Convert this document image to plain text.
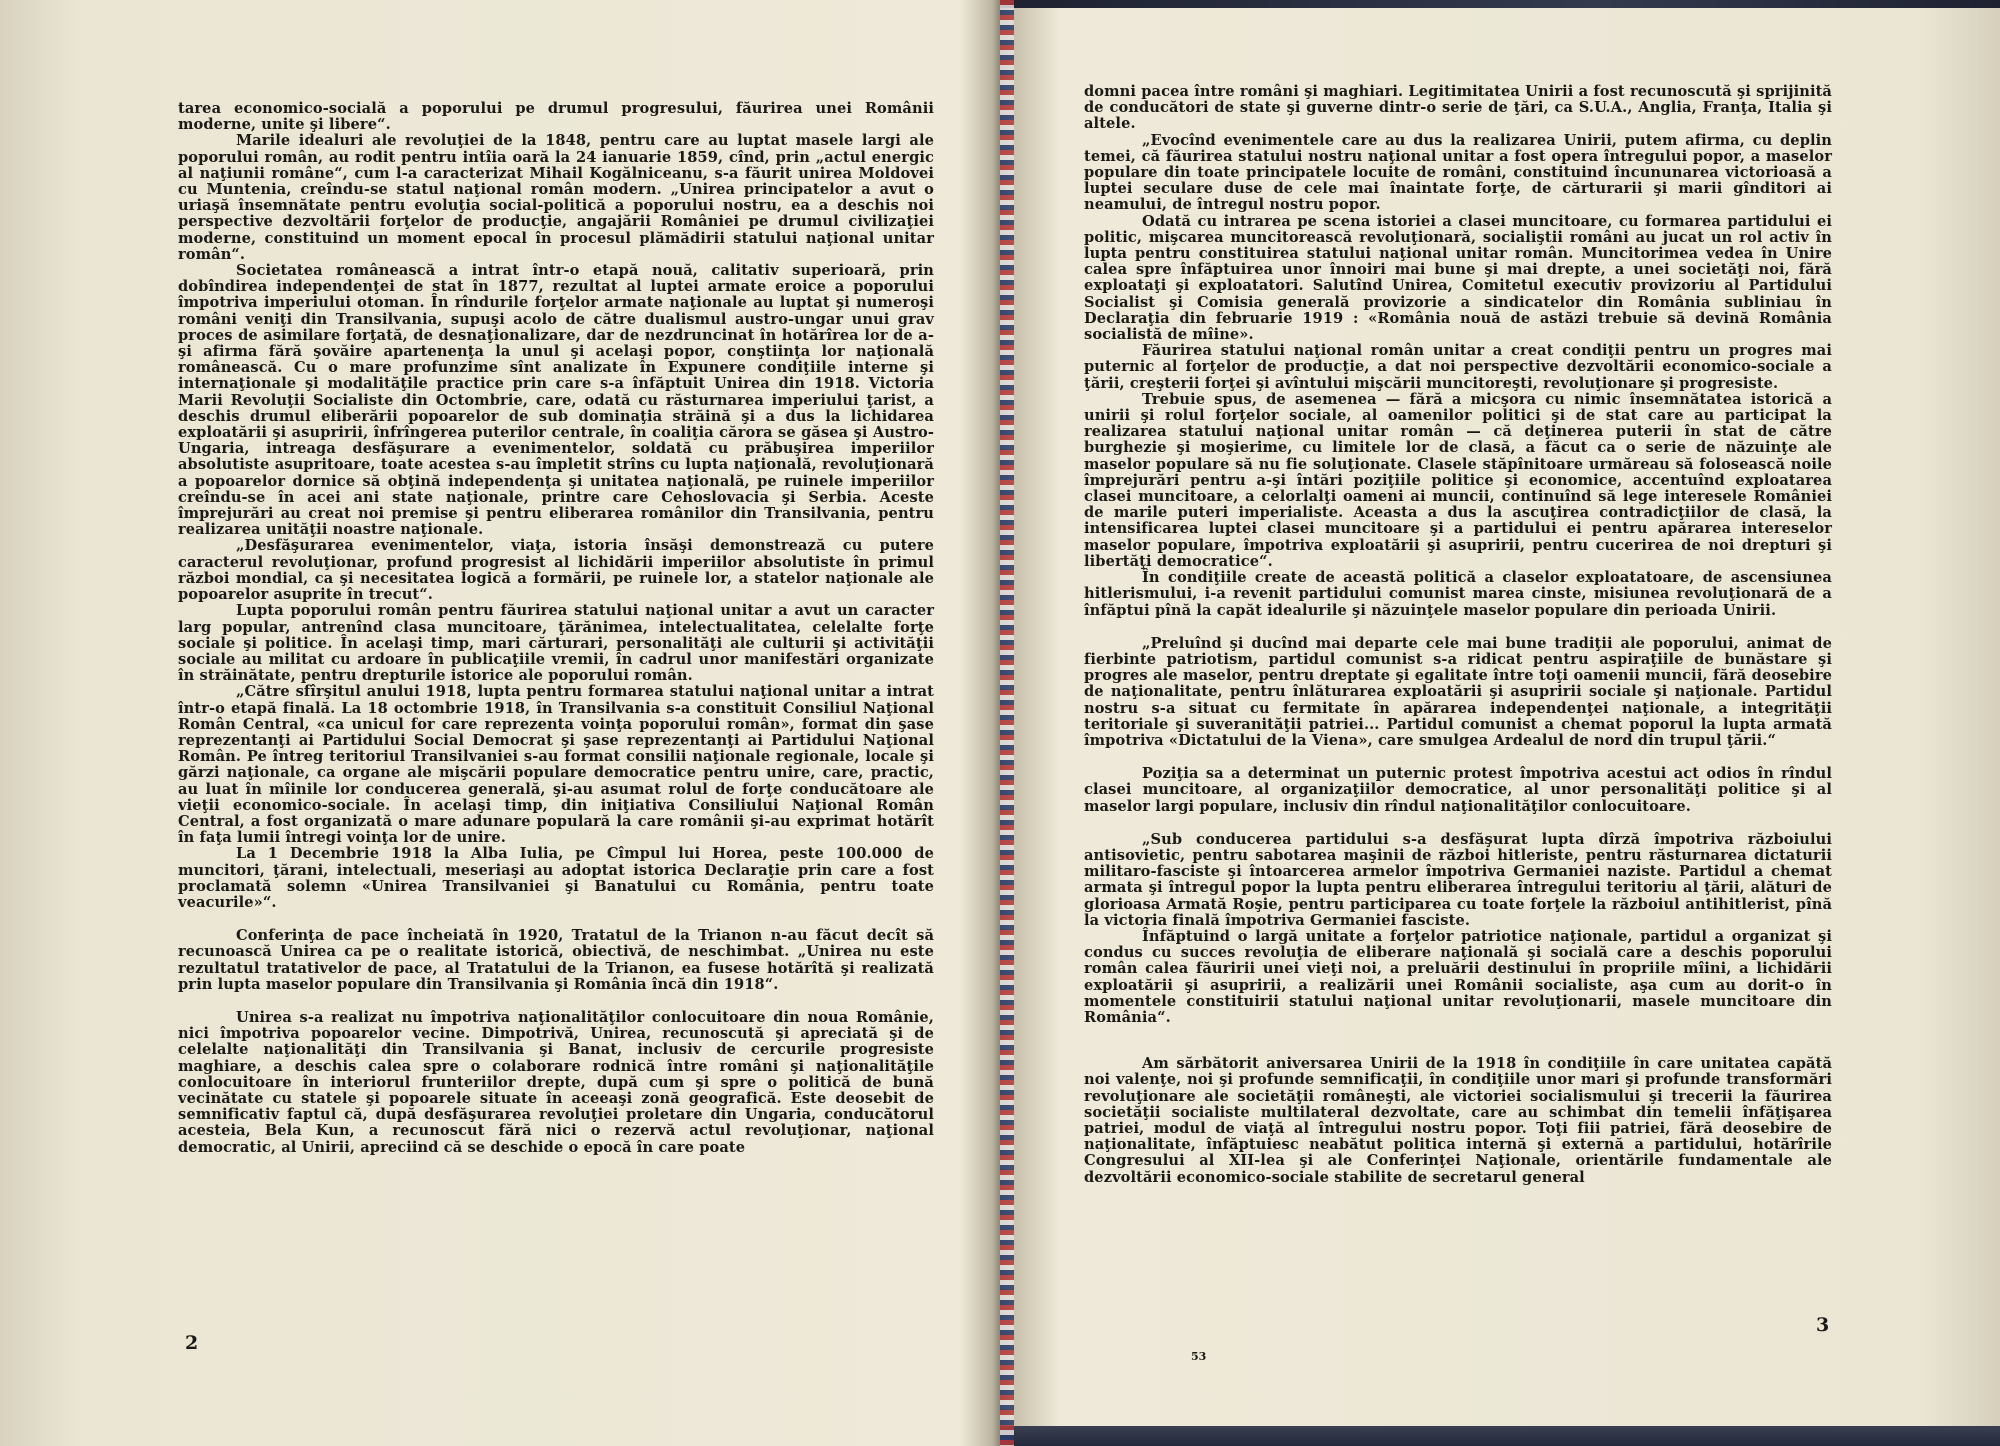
tarea economico-socială a poporului pe drumul progresului, făurirea unei Românii moderne, unite şi libere“.

Marile idealuri ale revoluţiei de la 1848, pentru care au luptat masele largi ale poporului român, au rodit pentru intîia oară la 24 ianuarie 1859, cînd, prin „actul energic al naţiunii române“, cum l-a caracterizat Mihail Kogălniceanu, s-a făurit unirea Moldovei cu Muntenia, creîndu-se statul naţional român modern. „Unirea principatelor a avut o uriaşă însemnătate pentru evoluţia social-politică a poporului nostru, ea a deschis noi perspective dezvoltării forţelor de producţie, angajării României pe drumul civilizaţiei moderne, constituind un moment epocal în procesul plămădirii statului naţional unitar român“.

Societatea românească a intrat într-o etapă nouă, calitativ superioară, prin dobîndirea independenţei de stat în 1877, rezultat al luptei armate eroice a poporului împotriva imperiului otoman. În rîndurile forţelor armate naţionale au luptat şi numeroşi români veniţi din Transilvania, supuşi acolo de către dualismul austro-ungar unui grav proces de asimilare forţată, de desnaţionalizare, dar de nezdruncinat în hotărîrea lor de a-şi afirma fără şovăire apartenenţa la unul şi acelaşi popor, conştiinţa lor naţională românească. Cu o mare profunzime sînt analizate în Expunere condiţiile interne şi internaţionale şi modalităţile practice prin care s-a înfăptuit Unirea din 1918. Victoria Marii Revoluţii Socialiste din Octombrie, care, odată cu răsturnarea imperiului ţarist, a deschis drumul eliberării popoarelor de sub dominaţia străină şi a dus la lichidarea exploatării şi asupririi, înfrîngerea puterilor centrale, în coaliţia cărora se găsea şi Austro-Ungaria, intreaga desfăşurare a evenimentelor, soldată cu prăbuşirea imperiilor absolutiste asupritoare, toate acestea s-au împletit strîns cu lupta naţională, revoluţionară a popoarelor dornice să obţină independenţa şi unitatea naţională, pe ruinele imperiilor creîndu-se în acei ani state naţionale, printre care Cehoslovacia şi Serbia. Aceste împrejurări au creat noi premise şi pentru eliberarea românilor din Transilvania, pentru realizarea unităţii noastre naţionale.

„Desfăşurarea evenimentelor, viaţa, istoria însăşi demonstrează cu putere caracterul revoluţionar, profund progresist al lichidării imperiilor absolutiste în primul război mondial, ca şi necesitatea logică a formării, pe ruinele lor, a statelor naţionale ale popoarelor asuprite în trecut“.

Lupta poporului român pentru făurirea statului naţional unitar a avut un caracter larg popular, antrenînd clasa muncitoare, ţărănimea, intelectualitatea, celelalte forţe sociale şi politice. În acelaşi timp, mari cărturari, personalităţi ale culturii şi activităţii sociale au militat cu ardoare în publicaţiile vremii, în cadrul unor manifestări organizate în străinătate, pentru drepturile istorice ale poporului român.

„Către sfîrşitul anului 1918, lupta pentru formarea statului naţional unitar a intrat într-o etapă finală. La 18 octombrie 1918, în Transilvania s-a constituit Consiliul Naţional Român Central, «ca unicul for care reprezenta voinţa poporului român», format din şase reprezentanţi ai Partidului Social Democrat şi şase reprezentanţi ai Partidului Naţional Român. Pe întreg teritoriul Transilvaniei s-au format consilii naţionale regionale, locale şi gărzi naţionale, ca organe ale mişcării populare democratice pentru unire, care, practic, au luat în mîinile lor conducerea generală, şi-au asumat rolul de forţe conducătoare ale vieţii economico-sociale. În acelaşi timp, din iniţiativa Consiliului Naţional Român Central, a fost organizată o mare adunare populară la care românii şi-au exprimat hotărît în faţa lumii întregi voinţa lor de unire.

La 1 Decembrie 1918 la Alba Iulia, pe Cîmpul lui Horea, peste 100.000 de muncitori, ţărani, intelectuali, meseriaşi au adoptat istorica Declaraţie prin care a fost proclamată solemn «Unirea Transilvaniei şi Banatului cu România, pentru toate veacurile»“.

Conferinţa de pace încheiată în 1920, Tratatul de la Trianon n-au făcut decît să recunoască Unirea ca pe o realitate istorică, obiectivă, de neschimbat. „Unirea nu este rezultatul tratativelor de pace, al Tratatului de la Trianon, ea fusese hotărîtă şi realizată prin lupta maselor populare din Transilvania şi România încă din 1918“.

Unirea s-a realizat nu împotriva naţionalităţilor conlocuitoare din noua Românie, nici împotriva popoarelor vecine. Dimpotrivă, Unirea, recunoscută şi apreciată şi de celelalte naţionalităţi din Transilvania şi Banat, inclusiv de cercurile progresiste maghiare, a deschis calea spre o colaborare rodnică între români şi naţionalităţile conlocuitoare în interiorul frunteriilor drepte, după cum şi spre o politică de bună vecinătate cu statele şi popoarele situate în aceeaşi zonă geografică. Este deosebit de semnificativ faptul că, după desfăşurarea revoluţiei proletare din Ungaria, conducătorul acesteia, Bela Kun, a recunoscut fără nici o rezervă actul revoluţionar, naţional democratic, al Unirii, apreciind că se deschide o epocă în care poate

2

domni pacea între români şi maghiari. Legitimitatea Unirii a fost recunoscută şi sprijinită de conducători de state şi guverne dintr-o serie de ţări, ca S.U.A., Anglia, Franţa, Italia şi altele.

„Evocînd evenimentele care au dus la realizarea Unirii, putem afirma, cu deplin temei, că făurirea statului nostru naţional unitar a fost opera întregului popor, a maselor populare din toate principatele locuite de români, constituind încununarea victorioasă a luptei seculare duse de cele mai înaintate forţe, de cărturarii şi marii gînditori ai neamului, de întregul nostru popor.

Odată cu intrarea pe scena istoriei a clasei muncitoare, cu formarea partidului ei politic, mişcarea muncitorească revoluţionară, socialiştii români au jucat un rol activ în lupta pentru constituirea statului naţional unitar român. Muncitorimea vedea în Unire calea spre înfăptuirea unor înnoiri mai bune şi mai drepte, a unei societăţi noi, fără exploataţi şi exploatatori. Salutînd Unirea, Comitetul executiv provizoriu al Partidului Socialist şi Comisia generală provizorie a sindicatelor din România subliniau în Declaraţia din februarie 1919 : «România nouă de astăzi trebuie să devină România socialistă de mîine».

Făurirea statului naţional român unitar a creat condiţii pentru un progres mai puternic al forţelor de producţie, a dat noi perspective dezvoltării economico-sociale a ţării, creşterii forţei şi avîntului mişcării muncitoreşti, revoluţionare şi progresiste.

Trebuie spus, de asemenea — fără a micşora cu nimic însemnătatea istorică a unirii şi rolul forţelor sociale, al oamenilor politici şi de stat care au participat la realizarea statului naţional unitar român — că deţinerea puterii în stat de către burghezie şi moşierime, cu limitele lor de clasă, a făcut ca o serie de năzuinţe ale maselor populare să nu fie soluţionate. Clasele stăpînitoare urmăreau să folosească noile împrejurări pentru a-şi întări poziţiile politice şi economice, accentuînd exploatarea clasei muncitoare, a celorlalţi oameni ai muncii, continuînd să lege interesele României de marile puteri imperialiste. Aceasta a dus la ascuţirea contradicţiilor de clasă, la intensificarea luptei clasei muncitoare şi a partidului ei pentru apărarea intereselor maselor populare, împotriva exploatării şi asupririi, pentru cucerirea de noi drepturi şi libertăţi democratice“.

În condiţiile create de această politică a claselor exploatatoare, de ascensiunea hitlerismului, i-a revenit partidului comunist marea cinste, misiunea revoluţionară de a înfăptui pînă la capăt idealurile şi năzuinţele maselor populare din perioada Unirii.

„Preluînd şi ducînd mai departe cele mai bune tradiţii ale poporului, animat de fierbinte patriotism, partidul comunist s-a ridicat pentru aspiraţiile de bunăstare şi progres ale maselor, pentru dreptate şi egalitate între toţi oamenii muncii, fără deosebire de naţionalitate, pentru înlăturarea exploatării şi asupririi sociale şi naţionale. Partidul nostru s-a situat cu fermitate în apărarea independenţei naţionale, a integrităţii teritoriale şi suveranităţii patriei... Partidul comunist a chemat poporul la lupta armată împotriva «Dictatului de la Viena», care smulgea Ardealul de nord din trupul ţării.“

Poziţia sa a determinat un puternic protest împotriva acestui act odios în rîndul clasei muncitoare, al organizaţiilor democratice, al unor personalităţi politice şi al maselor largi populare, inclusiv din rîndul naţionalităţilor conlocuitoare.

„Sub conducerea partidului s-a desfăşurat lupta dîrză împotriva războiului antisovietic, pentru sabotarea maşinii de război hitleriste, pentru răsturnarea dictaturii militaro-fasciste şi întoarcerea armelor împotriva Germaniei naziste. Partidul a chemat armata şi întregul popor la lupta pentru eliberarea întregului teritoriu al ţării, alături de glorioasa Armată Roşie, pentru participarea cu toate forţele la războiul antihitlerist, pînă la victoria finală împotriva Germaniei fasciste.

Înfăptuind o largă unitate a forţelor patriotice naţionale, partidul a organizat şi condus cu succes revoluţia de eliberare naţională şi socială care a deschis poporului român calea făuririi unei vieţi noi, a preluării destinului în propriile mîini, a lichidării exploatării şi asupririi, a realizării unei Românii socialiste, aşa cum au dorit-o în momentele constituirii statului naţional unitar revoluţionarii, masele muncitoare din România“.

Am sărbătorit aniversarea Unirii de la 1918 în condiţiile în care unitatea capătă noi valenţe, noi şi profunde semnificaţii, în condiţiile unor mari şi profunde transformări revoluţionare ale societăţii româneşti, ale victoriei socialismului şi trecerii la făurirea societăţii socialiste multilateral dezvoltate, care au schimbat din temelii înfăţişarea patriei, modul de viaţă al întregului nostru popor. Toţi fiii patriei, fără deosebire de naţionalitate, înfăptuiesc neabătut politica internă şi externă a partidului, hotărîrile Congresului al XII-lea şi ale Conferinţei Naţionale, orientările fundamentale ale dezvoltării economico-sociale stabilite de secretarul general

3
53
